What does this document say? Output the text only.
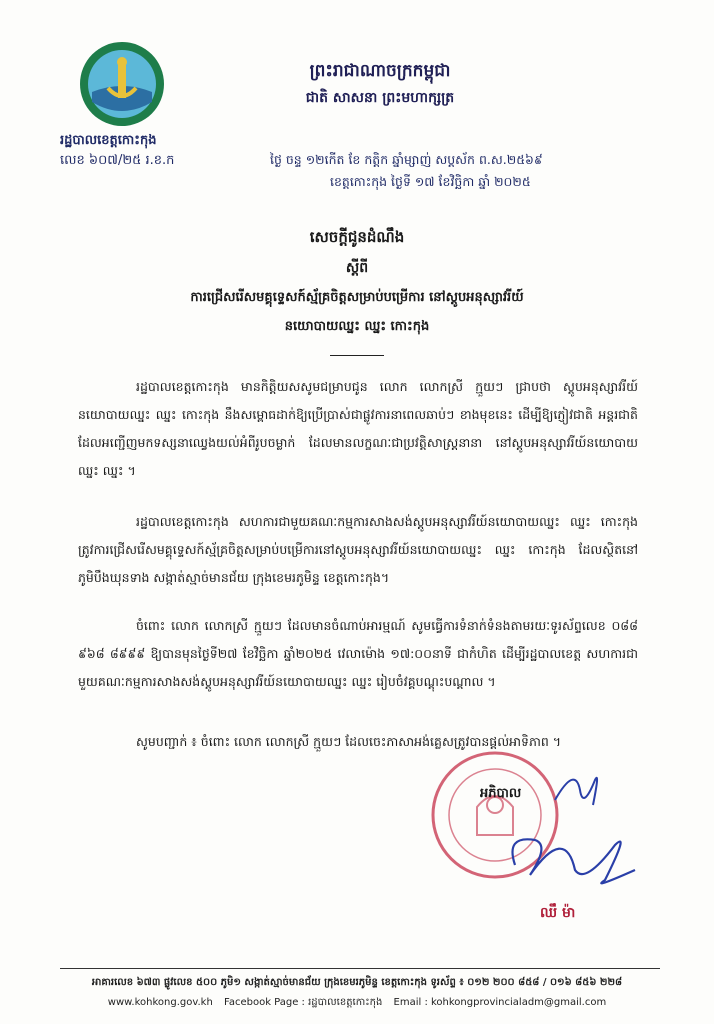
ព្រះរាជាណាចក្រកម្ពុជា
ជាតិ សាសនា ព្រះមហាក្សត្រ
រដ្ឋបាលខេត្តកោះកុង
លេខ ៦០៧/២៥ រ.ខ.ក	ថ្ងៃ ចន្ទ ១២កើត ខែ កត្ដិក ឆ្នាំម្សាញ់ សប្តស័ក ព.ស.២៥៦៩
ខេត្តកោះកុង ថ្ងៃទី ១៧ ខែវិច្ឆិកា ឆ្នាំ ២០២៥
សេចក្តីជូនដំណឹង
ស្តីពី
ការជ្រើសរើសមគ្គុទ្ទេសក៍ស្ម័គ្រចិត្តសម្រាប់បម្រើការ នៅស្តូបអនុស្សាវរីយ៍
នយោបាយឈ្នះ ឈ្នះ កោះកុង
រដ្ឋបាលខេត្តកោះកុង មានកិត្តិយសសូមជម្រាបជូន លោក លោកស្រី ក្មួយៗ ជ្រាបថា ស្តូបអនុស្សាវរីយ៍នយោបាយឈ្នះ ឈ្នះ កោះកុង នឹងសម្ពោធដាក់ឱ្យប្រើប្រាស់ជាផ្លូវការនាពេលឆាប់ៗ ខាងមុខនេះ ដើម្បីឱ្យភ្ញៀវជាតិ អន្តរជាតិ ដែលអញ្ជើញមកទស្សនាឈ្វេងយល់អំពីរូបចម្លាក់ ដែលមានលក្ខណៈជាប្រវត្តិសាស្ត្រនានា នៅស្តូបអនុស្សាវរីយ៍នយោបាយឈ្នះ ឈ្នះ ។
រដ្ឋបាលខេត្តកោះកុង សហការជាមួយគណៈកម្មការសាងសង់ស្តូបអនុស្សាវរីយ៍នយោបាយឈ្នះ ឈ្នះ កោះកុង ត្រូវការជ្រើសរើសមគ្គុទ្ទេសក៍ស្ម័គ្រចិត្តសម្រាប់បម្រើការនៅស្តូបអនុស្សាវរីយ៍នយោបាយឈ្នះ ឈ្នះ កោះកុង ដែលស្ថិតនៅភូមិបឹងឃុនទាង សង្កាត់ស្មាច់មានជ័យ ក្រុងខេមរភូមិន្ទ ខេត្តកោះកុង។
ចំពោះ លោក លោកស្រី ក្មួយៗ ដែលមានចំណាប់អារម្មណ៍ សូមធ្វើការទំនាក់ទំនងតាមរយៈទូរស័ព្ទលេខ ០៨៨ ៩៦៨ ៨៩៩៩ ឱ្យបានមុនថ្ងៃទី២៧ ខែវិច្ឆិកា ឆ្នាំ២០២៥ វេលាម៉ោង ១៧:០០នាទី ជាកំហិត ដើម្បីរដ្ឋបាលខេត្ត សហការជាមួយគណៈកម្មការសាងសង់ស្តូបអនុស្សាវរីយ៍នយោបាយឈ្នះ ឈ្នះ រៀបចំវគ្គបណ្តុះបណ្តាល ។
សូមបញ្ជាក់ ៖ ចំពោះ លោក លោកស្រី ក្មួយៗ ដែលចេះភាសាអង់គ្លេសត្រូវបានផ្តល់អាទិភាព ។
អភិបាល
ឈឹ ម៉ា
អាគារលេខ ៦៧៣ ផ្លូវលេខ ៥០០ ភូមិ១ សង្កាត់ស្មាច់មានជ័យ ក្រុងខេមរភូមិន្ទ ខេត្តកោះកុង ទូរស័ព្ទ ៖ ០១២ ២០០ ៨៥៨ / ០១៦ ៨៥៦ ២២៨
www.kohkong.gov.kh Facebook Page : រដ្ឋបាលខេត្តកោះកុង Email : kohkongprovincialadm@gmail.com
